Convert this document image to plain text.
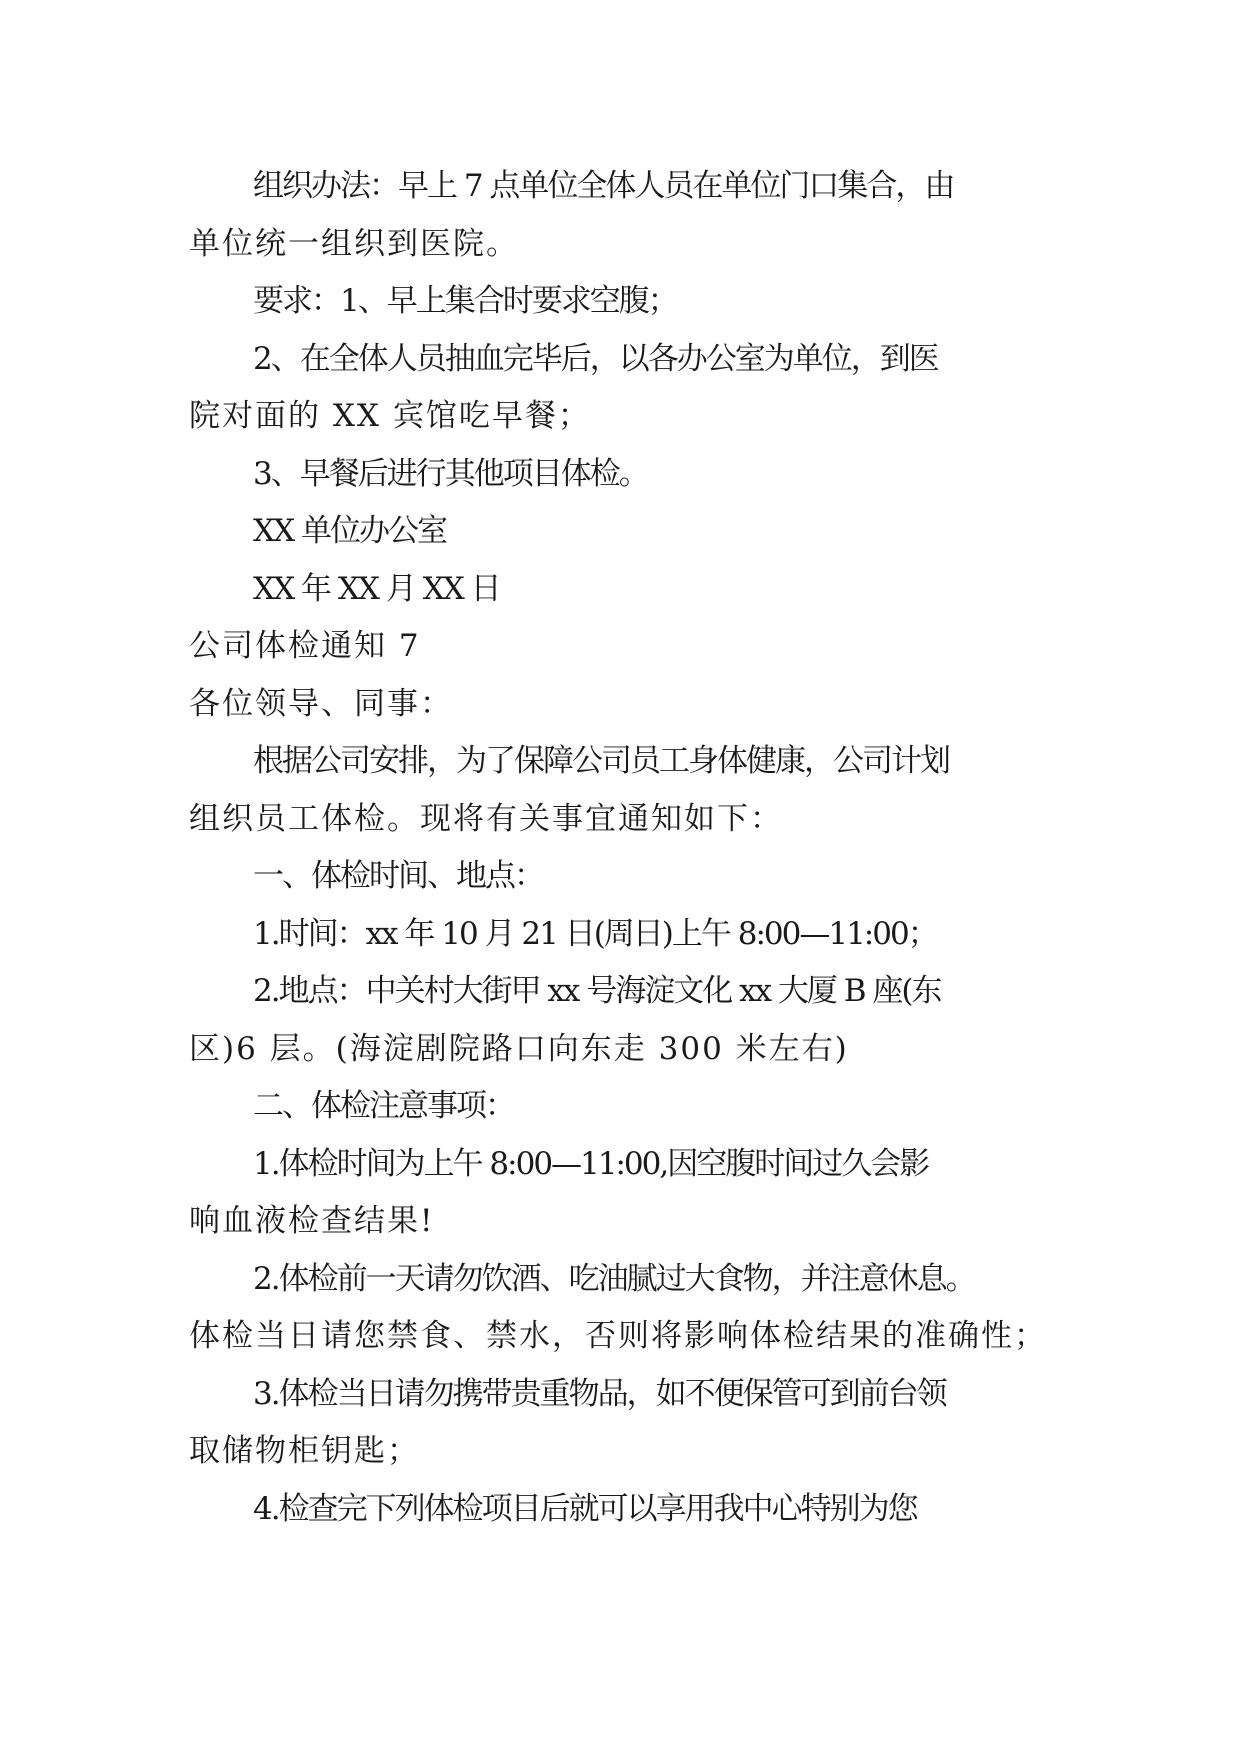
组织办法：早上 7 点单位全体人员在单位门口集合，由
单位统一组织到医院。
要求：1、早上集合时要求空腹；
2、在全体人员抽血完毕后，以各办公室为单位，到医
院对面的 XX 宾馆吃早餐；
3、早餐后进行其他项目体检。
XX 单位办公室
XX 年 XX 月 XX 日
公司体检通知 7
各位领导、同事：
根据公司安排，为了保障公司员工身体健康，公司计划
组织员工体检。现将有关事宜通知如下：
一、体检时间、地点：
1.时间：xx 年 10 月 21 日(周日)上午 8:00—11:00；
2.地点：中关村大街甲 xx 号海淀文化 xx 大厦 B 座(东
区)6 层。(海淀剧院路口向东走 300 米左右)
二、体检注意事项：
1.体检时间为上午 8:00—11:00,因空腹时间过久会影
响血液检查结果!
2.体检前一天请勿饮酒、吃油腻过大食物，并注意休息。
体检当日请您禁食、禁水，否则将影响体检结果的准确性；
3.体检当日请勿携带贵重物品，如不便保管可到前台领
取储物柜钥匙；
4.检查完下列体检项目后就可以享用我中心特别为您
